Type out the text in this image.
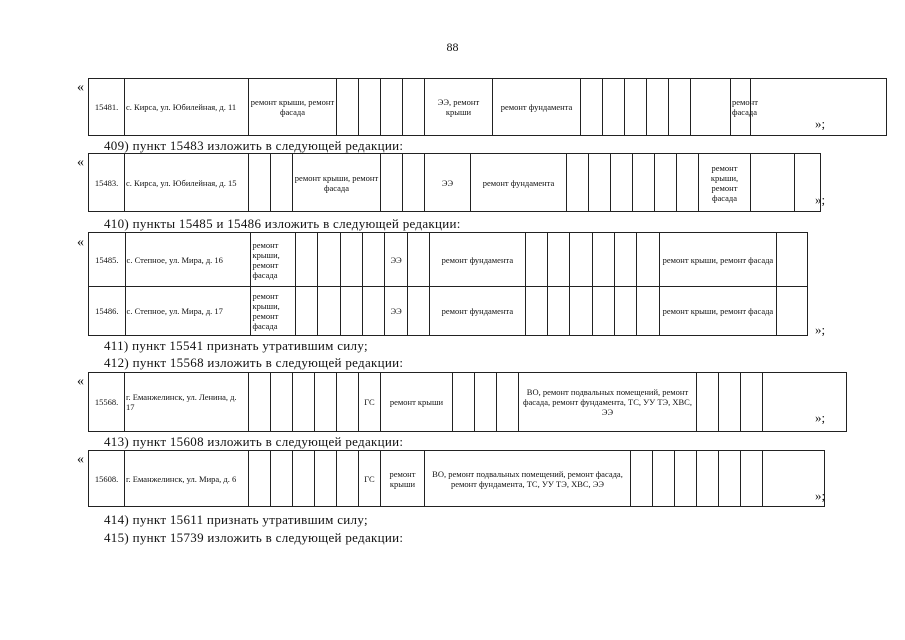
88
«
15481.	с. Кирса, ул. Юбилейная, д. 11	ремонт крыши, ремонт фасада					ЭЭ, ремонт крыши	ремонт фундамента							ремонт фасада	
»;
409) пункт 15483 изложить в следующей редакции:
«
15483.	с. Кирса, ул. Юбилейная, д. 15			ремонт крыши, ремонт фасада			ЭЭ	ремонт фундамента							ремонт крыши, ремонт фасада			»;
410) пункты 15485 и 15486 изложить в следующей редакции:
«
15485.	с. Степное, ул. Мира, д. 16	ремонт крыши, ремонт фасада					ЭЭ		ремонт фундамента							ремонт крыши, ремонт фасада	
15486.	с. Степное, ул. Мира, д. 17	ремонт крыши, ремонт фасада					ЭЭ		ремонт фундамента							ремонт крыши, ремонт фасада	
»;
411) пункт 15541 признать утратившим силу;
412) пункт 15568 изложить в следующей редакции:
«
15568.	г. Еманжелинск, ул. Ленина, д. 17						ГС	ремонт крыши				ВО, ремонт подвальных помещений, ремонт фасада, ремонт фундамента, ТС, УУ ТЭ, ХВС, ЭЭ					»;
413) пункт 15608 изложить в следующей редакции:
«
15608.	г. Еманжелинск, ул. Мира, д. 6						ГС	ремонт крыши	ВО, ремонт подвальных помещений, ремонт фасада, ремонт фундамента, ТС, УУ ТЭ, ХВС, ЭЭ							
»;
414) пункт 15611 признать утратившим силу;
415) пункт 15739 изложить в следующей редакции:
